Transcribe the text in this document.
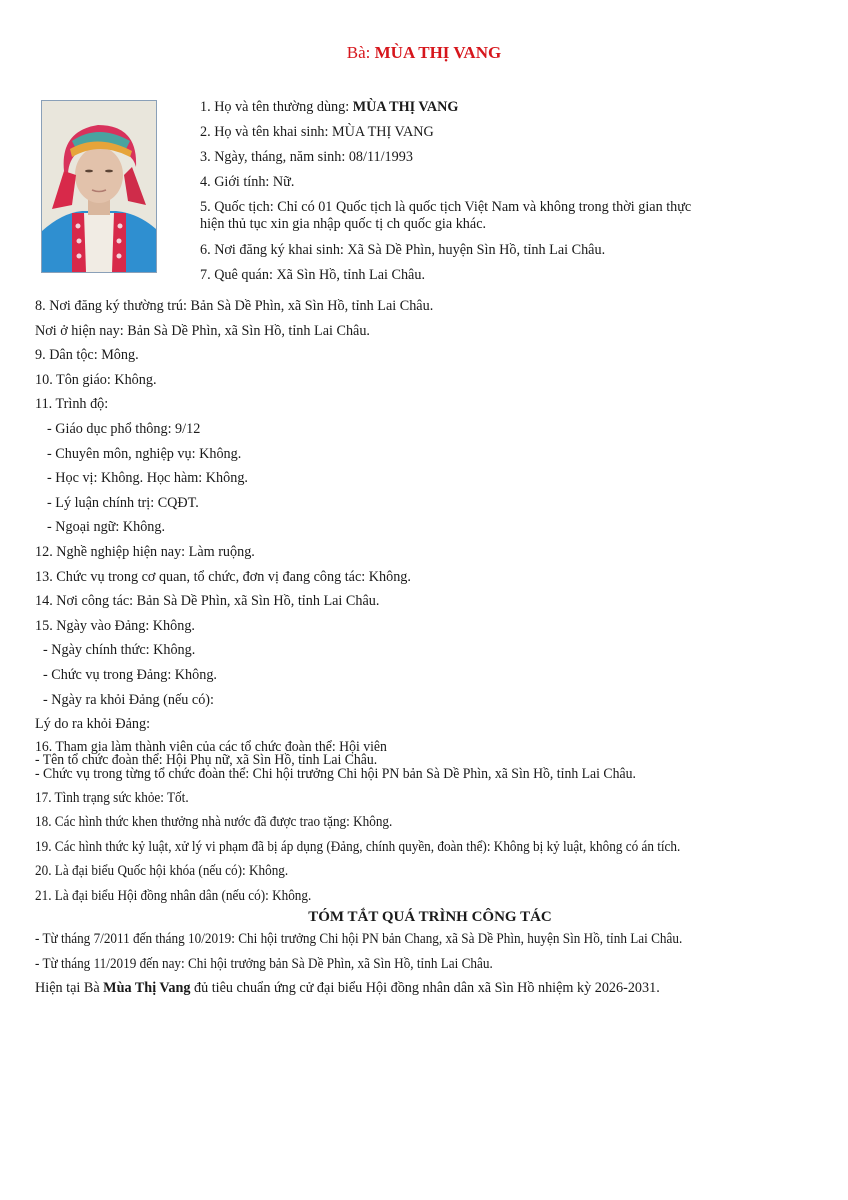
Bà: MÙA THỊ VANG
1. Họ và tên thường dùng: MÙA THỊ VANG
2. Họ và tên khai sinh: MÙA THỊ VANG
3. Ngày, tháng, năm sinh: 08/11/1993
4. Giới tính: Nữ.
5. Quốc tịch: Chỉ có 01 Quốc tịch là quốc tịch Việt Nam và không trong thời gian thực
hiện thủ tục xin gia nhập quốc tị ch quốc gia khác.
6. Nơi đăng ký khai sinh: Xã Sà Dề Phìn, huyện Sìn Hồ, tỉnh Lai Châu.
7. Quê quán: Xã Sìn Hồ, tỉnh Lai Châu.
8. Nơi đăng ký thường trú: Bản Sà Dề Phìn, xã Sìn Hồ, tỉnh Lai Châu.
Nơi ở hiện nay: Bản Sà Dề Phìn, xã Sìn Hồ, tỉnh Lai Châu.
9. Dân tộc: Mông.
10. Tôn giáo: Không.
11. Trình độ:
- Giáo dục phổ thông: 9/12
- Chuyên môn, nghiệp vụ: Không.
- Học vị: Không. Học hàm: Không.
- Lý luận chính trị: CQĐT.
- Ngoại ngữ: Không.
12. Nghề nghiệp hiện nay: Làm ruộng.
13. Chức vụ trong cơ quan, tổ chức, đơn vị đang công tác: Không.
14. Nơi công tác: Bản Sà Dề Phìn, xã Sìn Hồ, tỉnh Lai Châu.
15. Ngày vào Đảng: Không.
- Ngày chính thức: Không.
- Chức vụ trong Đảng: Không.
- Ngày ra khỏi Đảng (nếu có):
Lý do ra khỏi Đảng:
16. Tham gia làm thành viên của các tổ chức đoàn thể: Hội viên
- Tên tổ chức đoàn thể: Hội Phụ nữ, xã Sìn Hồ, tỉnh Lai Châu.
- Chức vụ trong từng tổ chức đoàn thể: Chi hội trưởng Chi hội PN bản Sà Dề Phìn, xã Sìn Hồ, tỉnh Lai Châu.
17. Tình trạng sức khỏe: Tốt.
18. Các hình thức khen thưởng nhà nước đã được trao tặng: Không.
19. Các hình thức kỷ luật, xử lý vi phạm đã bị áp dụng (Đảng, chính quyền, đoàn thể): Không bị kỷ luật, không có án tích.
20. Là đại biểu Quốc hội khóa (nếu có): Không.
21. Là đại biểu Hội đồng nhân dân (nếu có): Không.
TÓM TẮT QUÁ TRÌNH CÔNG TÁC
- Từ tháng 7/2011 đến tháng 10/2019: Chi hội trưởng Chi hội PN bản Chang, xã Sà Dề Phìn, huyện Sìn Hồ, tỉnh Lai Châu.
- Từ tháng 11/2019 đến nay: Chi hội trưởng bản Sà Dề Phìn, xã Sìn Hồ, tỉnh Lai Châu.
Hiện tại Bà Mùa Thị Vang đủ tiêu chuẩn ứng cử đại biểu Hội đồng nhân dân xã Sìn Hồ nhiệm kỳ 2026-2031.
